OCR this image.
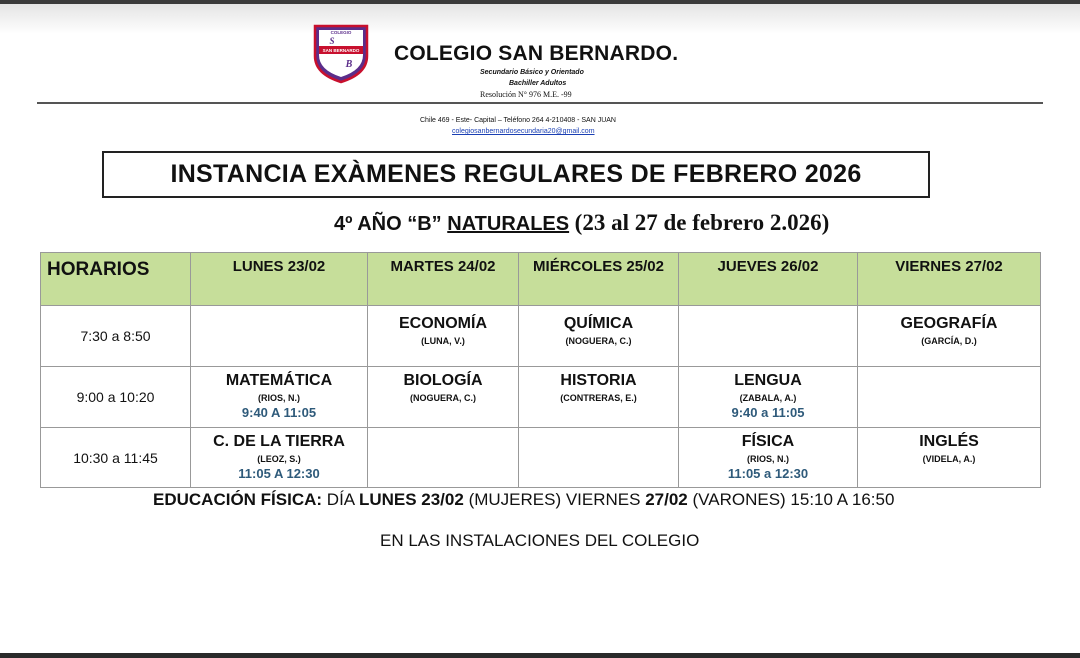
COLEGIO
S
SAN BERNARDO
B COLEGIO SAN BERNARDO.
Secundario Básico y Orientado
Bachiller Adultos
Resolución N° 976 M.E. -99
Chile 469 - Este- Capital – Teléfono 264 4-210408 - SAN JUAN
colegiosanbernardosecundaria20@gmail.com
INSTANCIA EXÀMENES REGULARES DE FEBRERO 2026
4º AÑO “B” NATURALES (23 al 27 de febrero 2.026)
HORARIOS	LUNES 23/02	MARTES 24/02	MIÉRCOLES 25/02	JUEVES 26/02	VIERNES 27/02
7:30 a 8:50		ECONOMÍA
(LUNA, V.)	QUÍMICA
(NOGUERA, C.)		GEOGRAFÍA
(GARCÍA, D.)

9:00 a 10:20	MATEMÁTICA
(RIOS, N.)
9:40 A 11:05	BIOLOGÍA
(NOGUERA, C.)	HISTORIA
(CONTRERAS, E.)	LENGUA
(ZABALA, A.)
9:40 a 11:05	

10:30 a 11:45	C. DE LA TIERRA
(LEOZ, S.)
11:05 A 12:30			FÍSICA
(RIOS, N.)
11:05 a 12:30	INGLÉS
(VIDELA, A.)
EDUCACIÓN FÍSICA: DÍA LUNES 23/02 (MUJERES) VIERNES 27/02 (VARONES) 15:10 A 16:50
EN LAS INSTALACIONES DEL COLEGIO
